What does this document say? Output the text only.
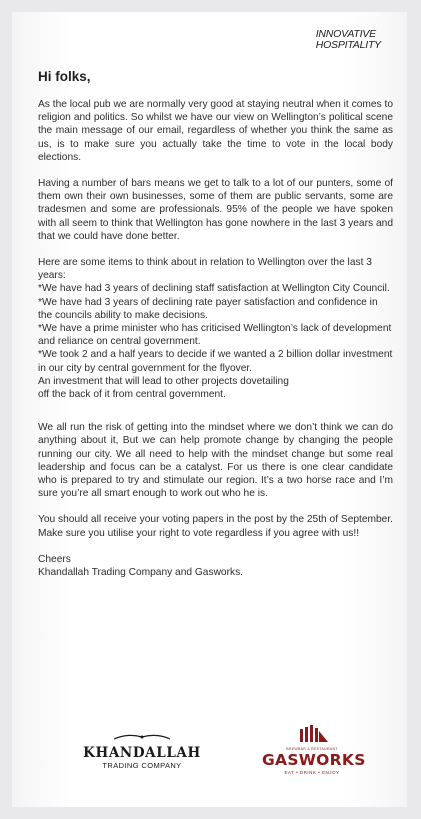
INNOVATIVE
HOSPITALITY
Hi folks,

As the local pub we are normally very good at staying neutral when it comes to religion and politics. So whilst we have our view on Wellington’s political scene the main message of our email, regardless of whether you think the same as us, is to make sure you actually take the time to vote in the local body elections.

Having a number of bars means we get to talk to a lot of our punters, some of them own their own businesses, some of them are public servants, some are tradesmen and some are professionals. 95% of the people we have spoken with all seem to think that Wellington has gone nowhere in the last 3 years and that we could have done better.

Here are some items to think about in relation to Wellington over the last 3 years:
*We have had 3 years of declining staff satisfaction at Wellington City Council.
*We have had 3 years of declining rate payer satisfaction and confidence in the councils ability to make decisions.
*We have a prime minister who has criticised Wellington’s lack of development and reliance on central government.
*We took 2 and a half years to decide if we wanted a 2 billion dollar investment in our city by central government for the flyover.
An investment that will lead to other projects dovetailing
off the back of it from central government.

We all run the risk of getting into the mindset where we don’t think we can do anything about it, But we can help promote change by changing the people running our city. We all need to help with the mindset change but some real leadership and focus can be a catalyst. For us there is one clear candidate who is prepared to try and stimulate our region. It’s a two horse race and I’m sure you’re all smart enough to work out who he is.

You should all receive your voting papers in the post by the 25th of September. Make sure you utilise your right to vote regardless if you agree with us!!

Cheers
Khandallah Trading Company and Gasworks.

KHANDALLAH
TRADING COMPANY
BREWBAR & RESTAURANT
GASWORKS
EAT • DRINK • ENJOY
